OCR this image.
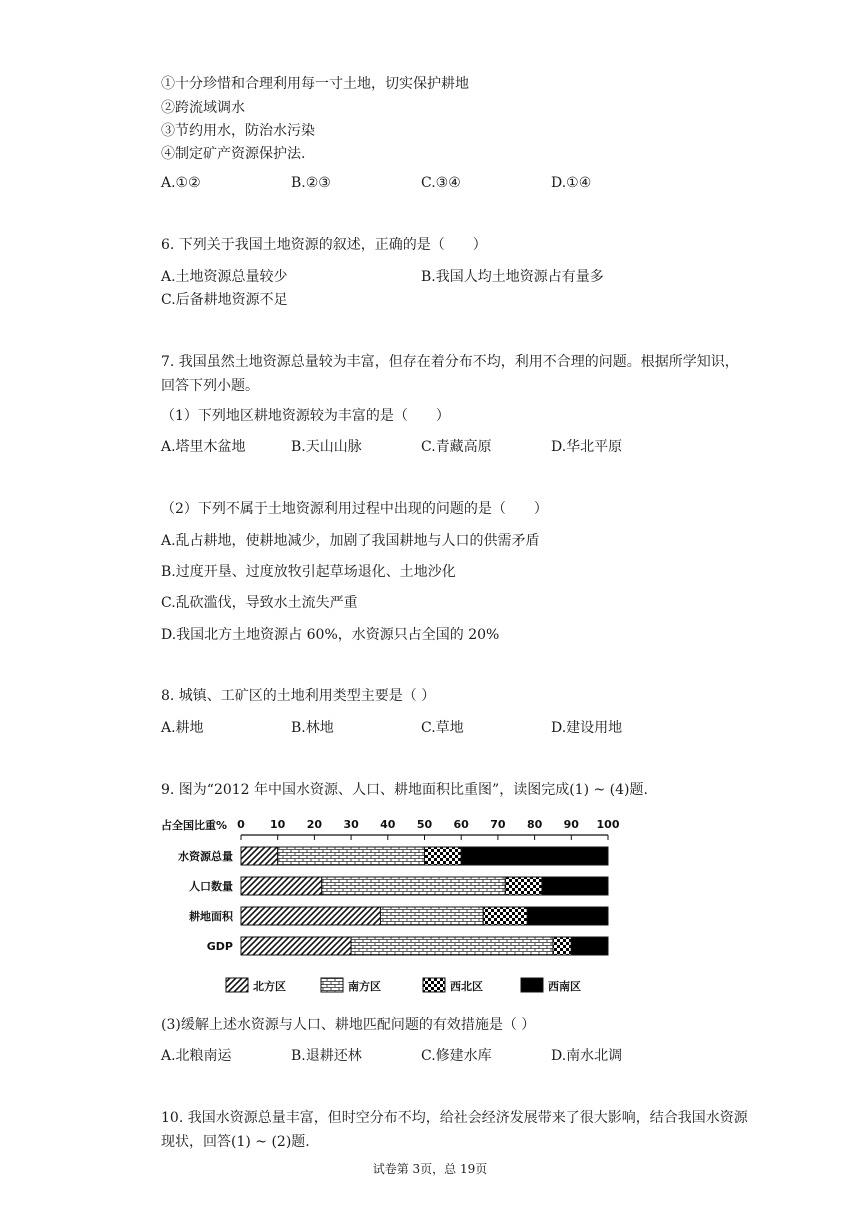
①十分珍惜和合理利用每一寸土地，切实保护耕地
②跨流域调水
③节约用水，防治水污染
④制定矿产资源保护法.
A.①②	B.②③	C.③④	D.①④
6. 下列关于我国土地资源的叙述，正确的是（　　）
A.土地资源总量较少	B.我国人均土地资源占有量多
C.后备耕地资源不足
7. 我国虽然土地资源总量较为丰富，但存在着分布不均，利用不合理的问题。根据所学知识，回答下列小题。
（1）下列地区耕地资源较为丰富的是（　　）
A.塔里木盆地	B.天山山脉	C.青藏高原	D.华北平原
（2）下列不属于土地资源利用过程中出现的问题的是（　　）
A.乱占耕地，使耕地减少，加剧了我国耕地与人口的供需矛盾
B.过度开垦、过度放牧引起草场退化、土地沙化
C.乱砍滥伐，导致水土流失严重
D.我国北方土地资源占 60%，水资源只占全国的 20%
8. 城镇、工矿区的土地利用类型主要是（ ）
A.耕地	B.林地	C.草地	D.建设用地
9. 图为“2012 年中国水资源、人口、耕地面积比重图”，读图完成(1) ~ (4)题.
占全国比重% 0 10 20 30 40 50 60 70 80 90 100
水资源总量
人口数量
耕地面积
GDP
北方区	南方区	西北区	西南区
(3)缓解上述水资源与人口、耕地匹配问题的有效措施是（ ）
A.北粮南运	B.退耕还林	C.修建水库	D.南水北调
10. 我国水资源总量丰富，但时空分布不均，给社会经济发展带来了很大影响，结合我国水资源现状，回答(1) ~ (2)题.
试卷第 3页，总 19页
